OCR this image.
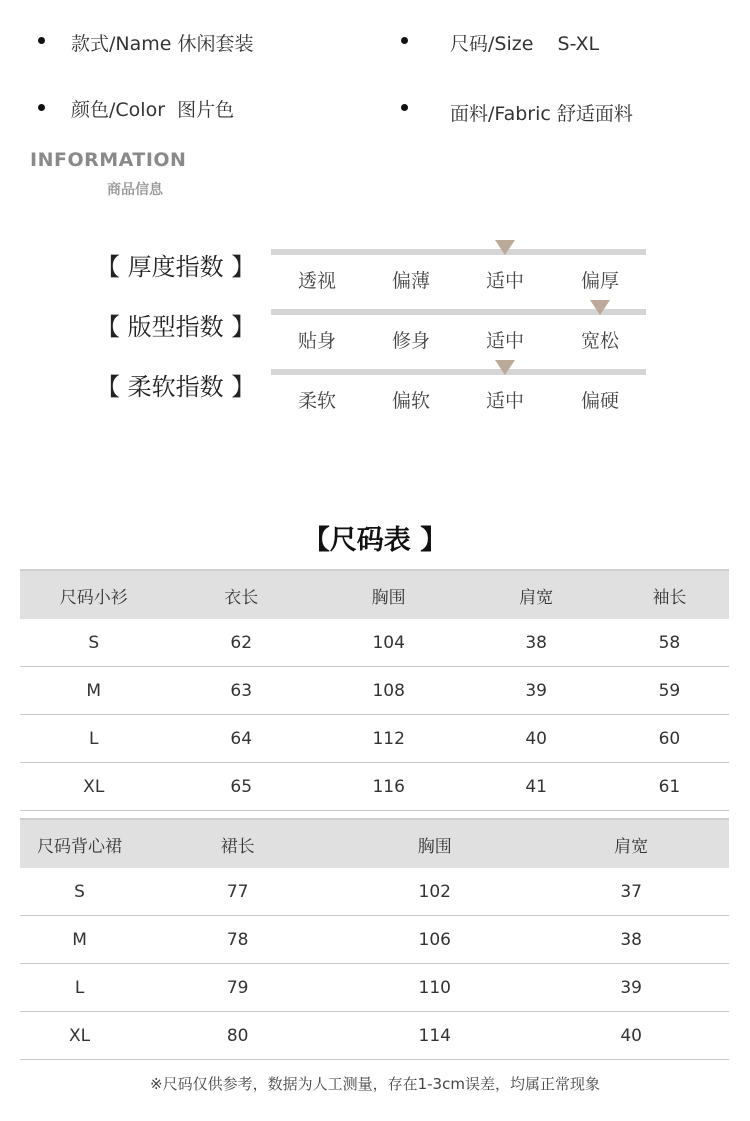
款式/Name 休闲套装	尺码/Size    S-XL
颜色/Color  图片色	面料/Fabric 舒适面料
INFORMATION
商品信息
【 厚度指数 】	透视	偏薄	适中	偏厚
【 版型指数 】	贴身	修身	适中	宽松
【 柔软指数 】	柔软	偏软	适中	偏硬
【尺码表 】
尺码小衫	衣长	胸围	肩宽	袖长
S	62	104	38	58
M	63	108	39	59
L	64	112	40	60
XL	65	116	41	61
尺码背心裙	裙长	胸围	肩宽
S	77	102	37
M	78	106	38
L	79	110	39
XL	80	114	40
※尺码仅供参考，数据为人工测量，存在1-3cm误差，均属正常现象
